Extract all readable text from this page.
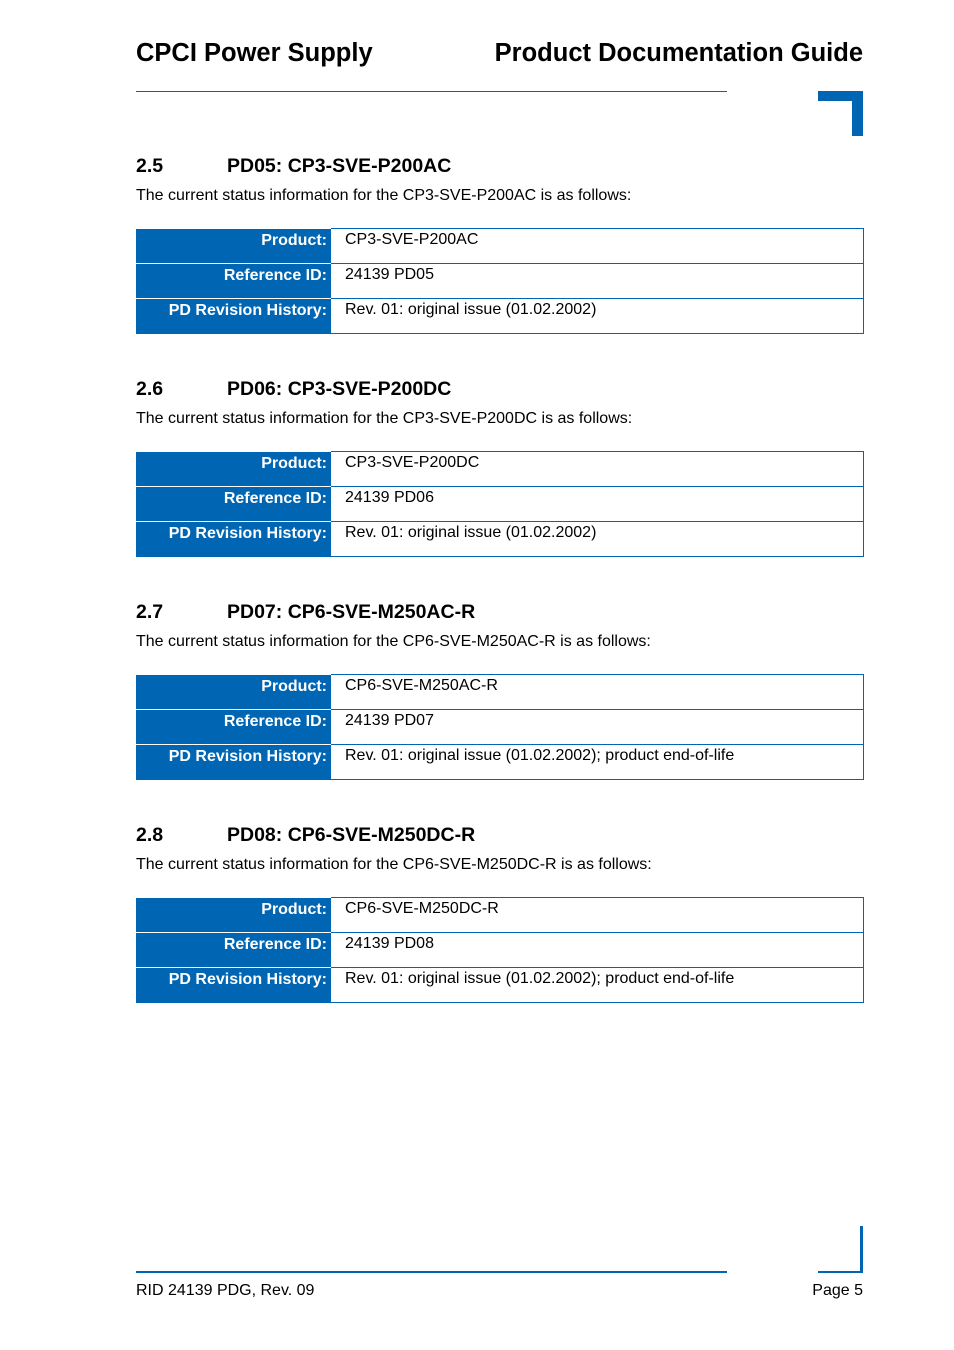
CPCI Power Supply	Product Documentation Guide
2.5	PD05: CP3-SVE-P200AC
The current status information for the CP3-SVE-P200AC is as follows:
Product:	CP3-SVE-P200AC
Reference ID:	24139 PD05
PD Revision History:	Rev. 01: original issue (01.02.2002)
2.6	PD06: CP3-SVE-P200DC
The current status information for the CP3-SVE-P200DC is as follows:
Product:	CP3-SVE-P200DC
Reference ID:	24139 PD06
PD Revision History:	Rev. 01: original issue (01.02.2002)
2.7	PD07: CP6-SVE-M250AC-R
The current status information for the CP6-SVE-M250AC-R is as follows:
Product:	CP6-SVE-M250AC-R
Reference ID:	24139 PD07
PD Revision History:	Rev. 01: original issue (01.02.2002); product end-of-life
2.8	PD08: CP6-SVE-M250DC-R
The current status information for the CP6-SVE-M250DC-R is as follows:
Product:	CP6-SVE-M250DC-R
Reference ID:	24139 PD08
PD Revision History:	Rev. 01: original issue (01.02.2002); product end-of-life
RID 24139 PDG, Rev. 09	Page 5
